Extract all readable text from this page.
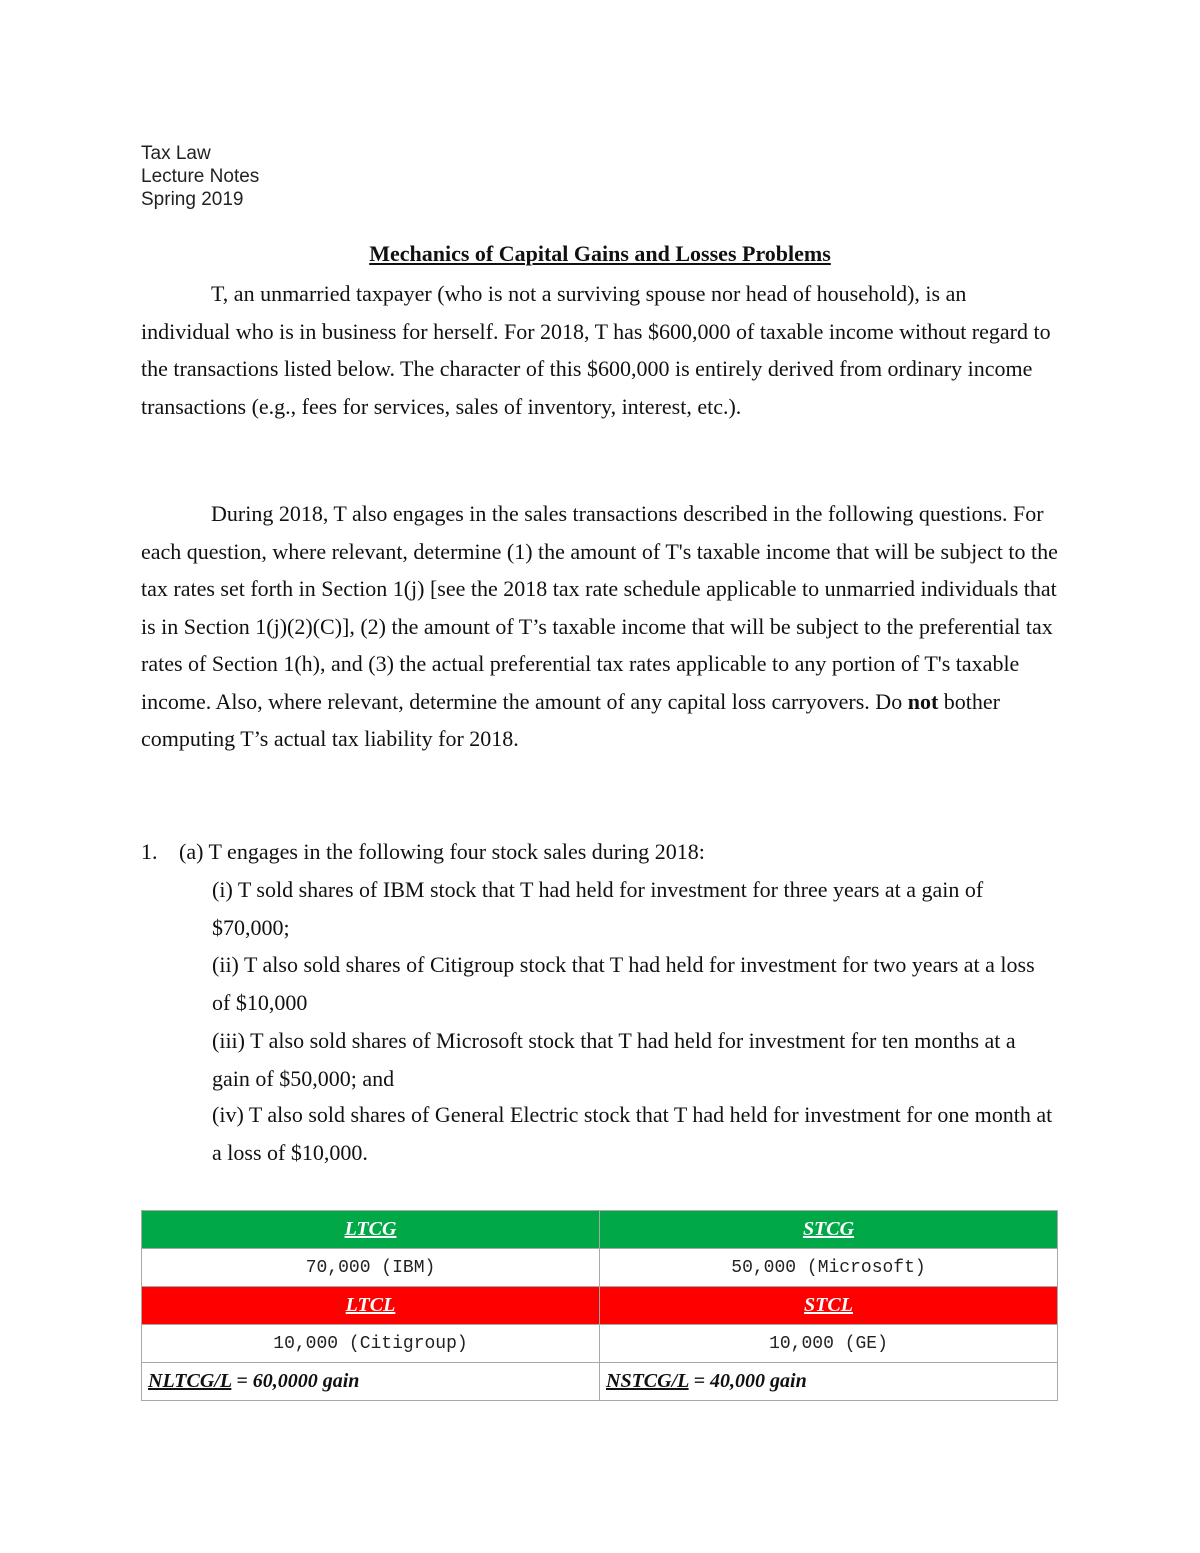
Tax Law
Lecture Notes
Spring 2019
Mechanics of Capital Gains and Losses Problems

T, an unmarried taxpayer (who is not a surviving spouse nor head of household), is an individual who is in business for herself. For 2018, T has $600,000 of taxable income without regard to the transactions listed below. The character of this $600,000 is entirely derived from ordinary income transactions (e.g., fees for services, sales of inventory, interest, etc.).

During 2018, T also engages in the sales transactions described in the following questions. For each question, where relevant, determine (1) the amount of T's taxable income that will be subject to the tax rates set forth in Section 1(j) [see the 2018 tax rate schedule applicable to unmarried individuals that is in Section 1(j)(2)(C)], (2) the amount of T’s taxable income that will be subject to the preferential tax rates of Section 1(h), and (3) the actual preferential tax rates applicable to any portion of T's taxable income. Also, where relevant, determine the amount of any capital loss carryovers. Do not bother computing T’s actual tax liability for 2018.

1. (a) T engages in the following four stock sales during 2018:

(i) T sold shares of IBM stock that T had held for investment for three years at a gain of $70,000;

(ii) T also sold shares of Citigroup stock that T had held for investment for two years at a loss of $10,000

(iii) T also sold shares of Microsoft stock that T had held for investment for ten months at a gain of $50,000; and

(iv) T also sold shares of General Electric stock that T had held for investment for one month at a loss of $10,000.

LTCG	STCG
70,000 (IBM)	50,000 (Microsoft)
LTCL	STCL
10,000 (Citigroup)	10,000 (GE)
NLTCG/L = 60,0000 gain	NSTCG/L = 40,000 gain
